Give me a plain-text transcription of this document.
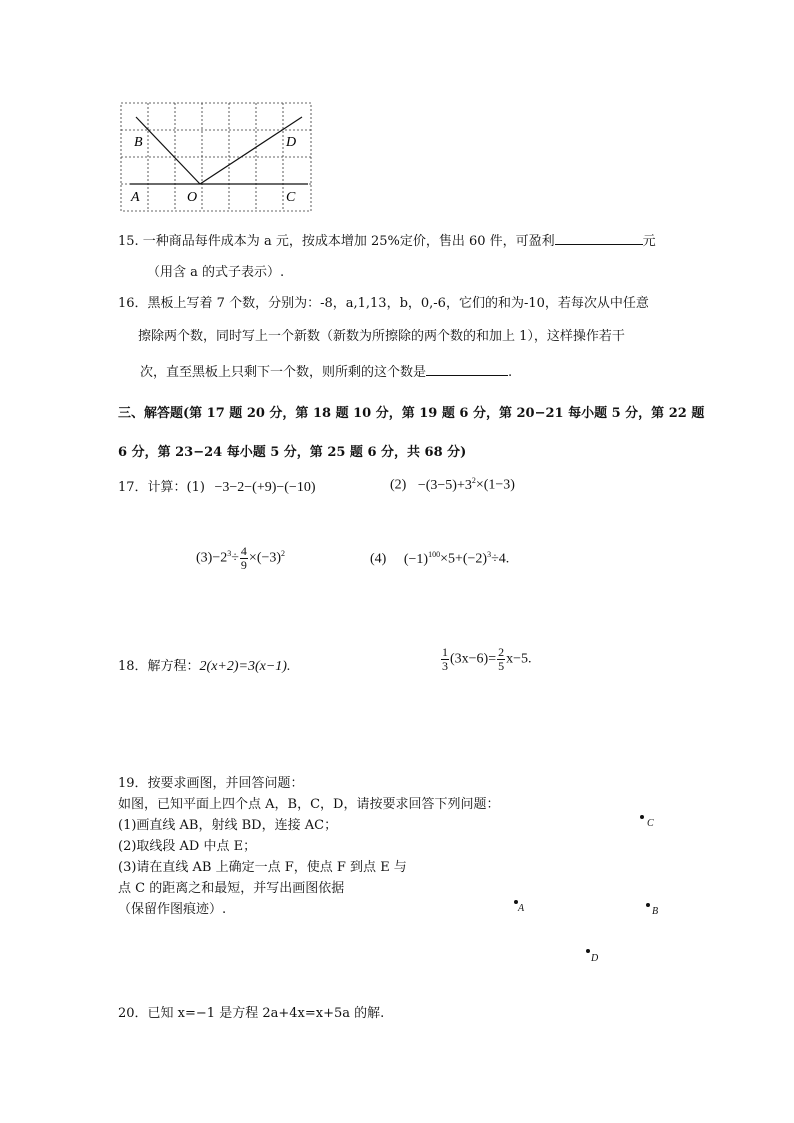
B	D
A	O	C
15. 一种商品每件成本为 a 元，按成本增加 25%定价，售出 60 件，可盈利	元
（用含 a 的式子表示）.
16．黑板上写着 7 个数，分别为：-8，a,1,13，b，0,-6，它们的和为-10，若每次从中任意
擦除两个数，同时写上一个新数（新数为所擦除的两个数的和加上 1），这样操作若干
次，直至黑板上只剩下一个数，则所剩的这个数是	.
三、解答题(第 17 题 20 分，第 18 题 10 分，第 19 题 6 分，第 20−21 每小题 5 分，第 22 题
6 分，第 23−24 每小题 5 分，第 25 题 6 分，共 68 分)
17．计算：(1) −3−2−(+9)−(−10)	$(2) -(3-5)+3^2\times(1-3)$
$(3)-2^3\div \frac{4}{9} \times(-3)^2$	(4) $(-1)^{100}\times 5+(-2)^3\div 4$.
18．解方程：2(x+2)=3(x−1).	$\frac{1}{3} (3x-6)= \frac{2}{5} x-5$.
19．按要求画图，并回答问题：
如图，已知平面上四个点 A，B，C，D，请按要求回答下列问题：
(1)画直线 AB，射线 BD，连接 AC；
(2)取线段 AD 中点 E；
(3)请在直线 AB 上确定一点 F，使点 F 到点 E 与
点 C 的距离之和最短，并写出画图依据
（保留作图痕迹）.
C
A	B
D
20．已知 x=−1 是方程 2a+4x=x+5a 的解.
